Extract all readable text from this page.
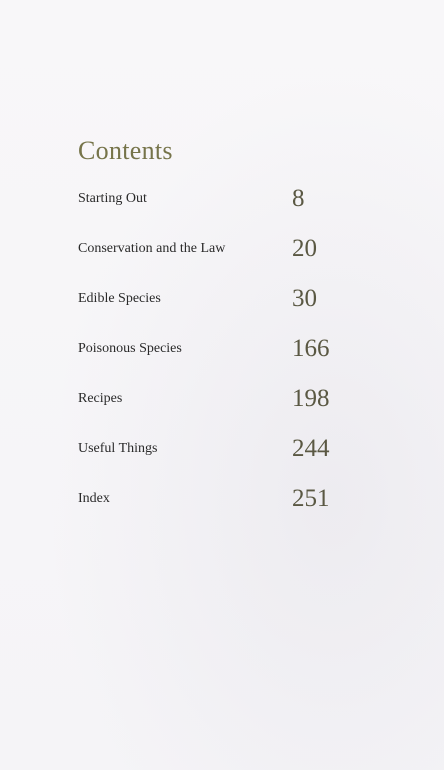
Contents
Starting Out	8
Conservation and the Law	20
Edible Species	30
Poisonous Species	166
Recipes	198
Useful Things	244
Index	251
